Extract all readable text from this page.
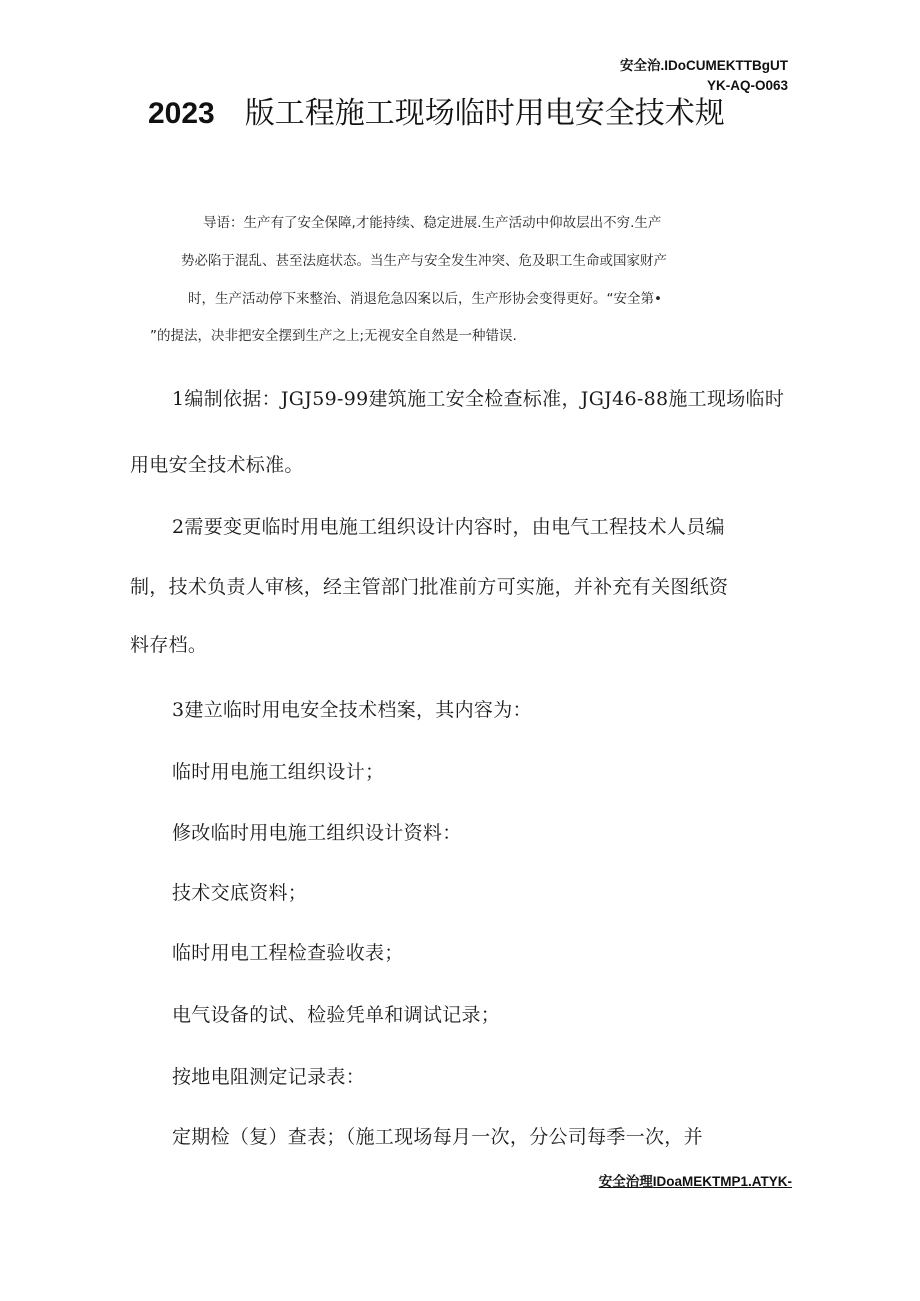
安全治.IDoCUMEKTTBgUT
YK-AQ-O063
2023 版工程施工现场临时用电安全技术规
导语：生产有了安全保障,才能持续、稳定进展.生产活动中仰故层出不穷.生产
势必陷于混乱、甚至法庭状态。当生产与安全发生冲突、危及职工生命或国家财产
时，生产活动停下来整治、消退危急囚案以后，生产形协会变得更好。“安全第•
”的提法，决非把安全摆到生产之上;无视安全自然是一种错误.
1编制依据：JGJ59-99建筑施工安全检查标准，JGJ46-88施工现场临时
用电安全技术标准。
2需要变更临时用电施工组织设计内容时，由电气工程技术人员编
制，技术负责人审核，经主管部门批准前方可实施，并补充有关图纸资
料存档。
3建立临时用电安全技术档案，其内容为：
临时用电施工组织设计；
修改临时用电施工组织设计资料：
技术交底资料；
临时用电工程检查验收表；
电气设备的试、检验凭单和调试记录；
按地电阻测定记录表：
定期检（复）查表；（施工现场每月一次，分公司每季一次，并
安全治理IDoaMEKTMP1.ATYK-
